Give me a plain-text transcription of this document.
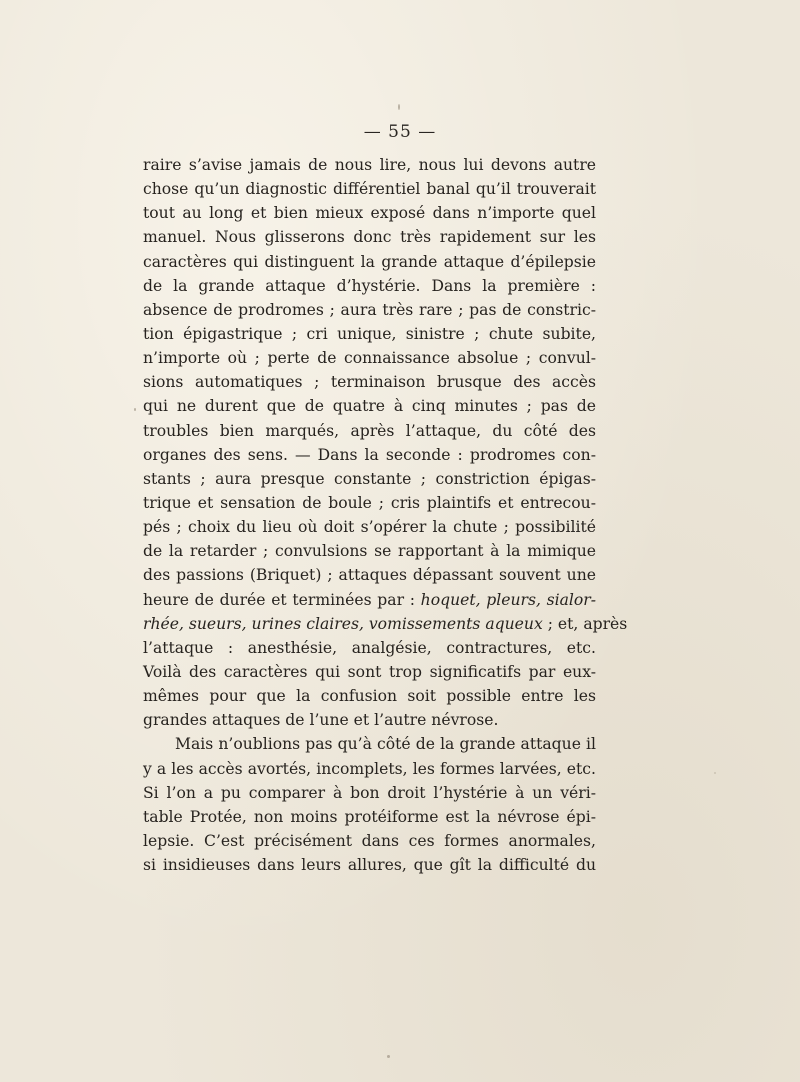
— 55 —
raire s’avise jamais de nous lire, nous lui devons autre
chose qu’un diagnostic différentiel banal qu’il trouverait
tout au long et bien mieux exposé dans n’importe quel
manuel. Nous glisserons donc très rapidement sur les
caractères qui distinguent la grande attaque d’épilepsie
de la grande attaque d’hystérie. Dans la première :
absence de prodromes ; aura très rare ; pas de constric-
tion épigastrique ; cri unique, sinistre ; chute subite,
n’importe où ; perte de connaissance absolue ; convul-
sions automatiques ; terminaison brusque des accès
qui ne durent que de quatre à cinq minutes ; pas de
troubles bien marqués, après l’attaque, du côté des
organes des sens. — Dans la seconde : prodromes con-
stants ; aura presque constante ; constriction épigas-
trique et sensation de boule ; cris plaintifs et entrecou-
pés ; choix du lieu où doit s’opérer la chute ; possibilité
de la retarder ; convulsions se rapportant à la mimique
des passions (Briquet) ; attaques dépassant souvent une
heure de durée et terminées par : hoquet, pleurs, sialor-
rhée, sueurs, urines claires, vomissements aqueux ; et, après
l’attaque : anesthésie, analgésie, contractures, etc.
Voilà des caractères qui sont trop significatifs par eux-
mêmes pour que la confusion soit possible entre les
grandes attaques de l’une et l’autre névrose.
Mais n’oublions pas qu’à côté de la grande attaque il
y a les accès avortés, incomplets, les formes larvées, etc.
Si l’on a pu comparer à bon droit l’hystérie à un véri-
table Protée, non moins protéiforme est la névrose épi-
lepsie. C’est précisément dans ces formes anormales,
si insidieuses dans leurs allures, que gît la difficulté du
